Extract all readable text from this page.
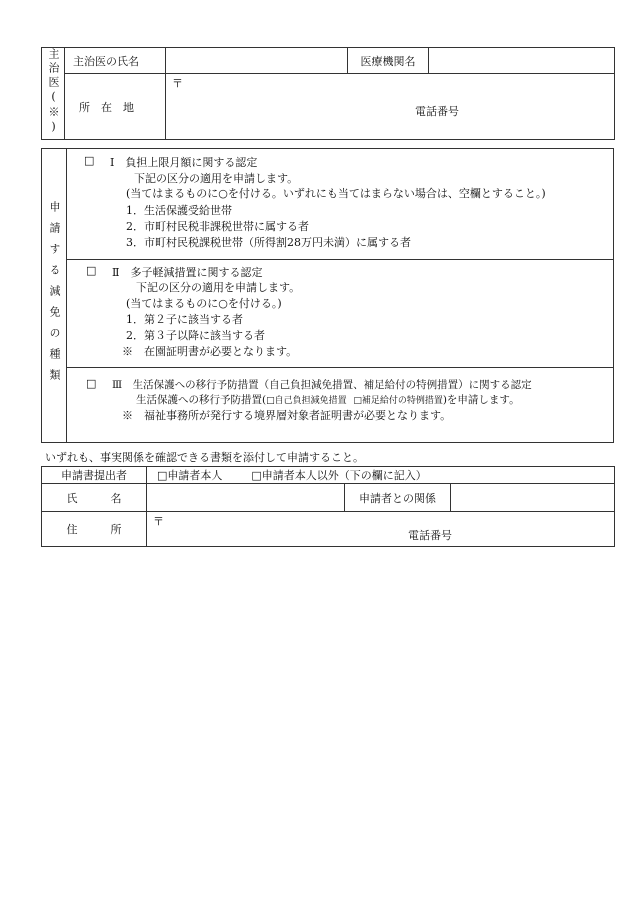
主治医(※)	主治医の氏名		医療機関名	
	所　在　地	〒
電話番号		
申請する減免の種類
□ Ⅰ　負担上限月額に関する認定
下記の区分の適用を申請します。
(当てはまるものに○を付ける。いずれにも当てはまらない場合は、空欄とすること。)
1．生活保護受給世帯
2．市町村民税非課税世帯に属する者
3．市町村民税課税世帯（所得割28万円未満）に属する者
□ Ⅱ　多子軽減措置に関する認定
下記の区分の適用を申請します。
(当てはまるものに○を付ける。)
1．第２子に該当する者
2．第３子以降に該当する者
※　在園証明書が必要となります。
□ Ⅲ　生活保護への移行予防措置（自己負担減免措置、補足給付の特例措置）に関する認定
生活保護への移行予防措置(□自己負担減免措置 □補足給付の特例措置)を申請します。
※　福祉事務所が発行する境界層対象者証明書が必要となります。
いずれも、事実関係を確認できる書類を添付して申請すること。
申請書提出者	□申請者本人 □申請者本人以外（下の欄に記入）		
氏　　　名		申請者との関係	
住　　　所	〒
電話番号		
